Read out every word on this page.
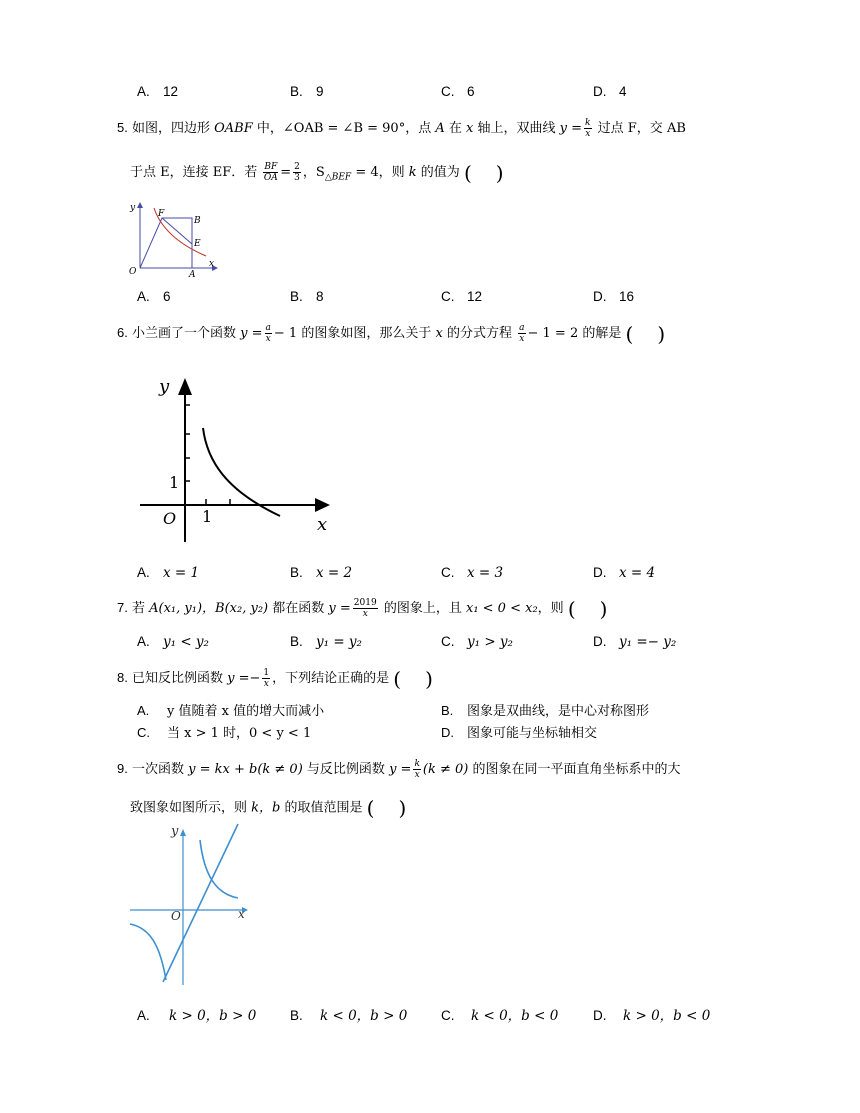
A. 12	B. 9	C. 6	D. 4
5. 如图，四边形 OABF 中，∠OAB = ∠B = 90°，点 A 在 x 轴上，双曲线 $y = \frac{k}{x}$ 过点 F，交 AB
于点 E，连接 EF．若 $\frac{BF}{OA} = \frac{2}{3}$ ，$S_{\triangle BEF} = 4$，则 k 的值为 ()
y
F
B
E
O	A
x
A. 6	B. 8	C. 12	D. 16
6. 小兰画了一个函数 $y = \frac{a}{x} - 1$ 的图象如图，那么关于 x 的分式方程 $\frac{a}{x} - 1 = 2$ 的解是 ()
y
1
O 1	x
A. x = 1	B. x = 2	C. x = 3	D. x = 4
7. 若 A(x₁, y₁)，B(x₂, y₂) 都在函数 $y = \frac{2019}{x}$ 的图象上，且 x₁ < 0 < x₂，则 ()
A. y₁ < y₂	B. y₁ = y₂	C. y₁ > y₂	D. y₁ =− y₂
8. 已知反比例函数 $y =- \frac{1}{x}$ ，下列结论正确的是 ()
A. y 值随着 x 值的增大而减小	B. 图象是双曲线，是中心对称图形
C. 当 x > 1 时，0 < y < 1	D. 图象可能与坐标轴相交
9. 一次函数 y = kx + b(k ≠ 0) 与反比例函数 $y = \frac{k}{x} (k \ne 0)$ 的图象在同一平面直角坐标系中的大
致图象如图所示，则 k，b 的取值范围是 ()
y
O	x
A. k > 0，b > 0 B. k < 0，b > 0 C. k < 0，b < 0	D. k > 0，b < 0
